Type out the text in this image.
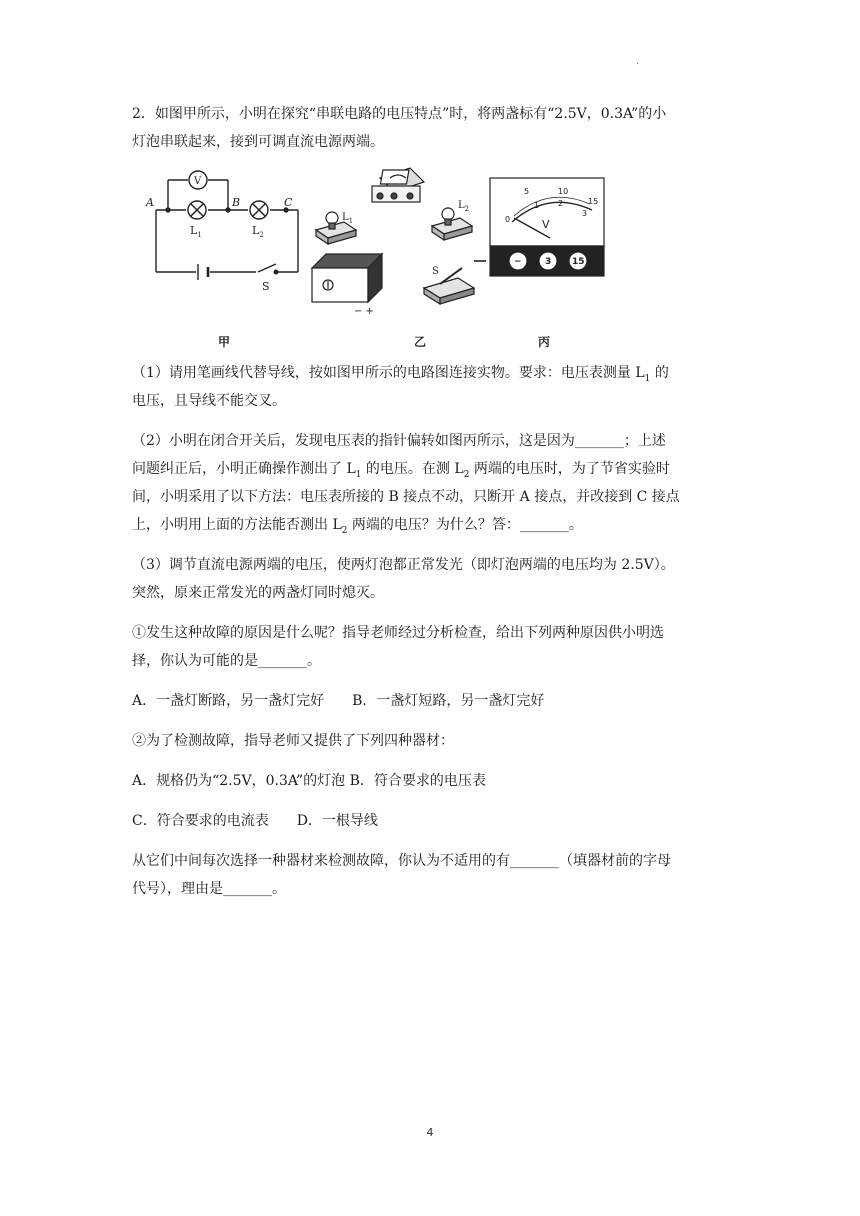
.

2．如图甲所示，小明在探究“串联电路的电压特点”时，将两盏标有“2.5V，0.3A”的小

灯泡串联起来，接到可调直流电源两端。

V
A	B	C
$L_1$	$L_2$
S
甲
$L_1$
$L_2$
− +
S
乙
5	10
15
0
1 2
3
V
−	3 15
丙

（1）请用笔画线代替导线，按如图甲所示的电路图连接实物。要求：电压表测量 $L_1$ 的

电压，且导线不能交叉。

（2）小明在闭合开关后，发现电压表的指针偏转如图丙所示，这是因为_______；上述

问题纠正后，小明正确操作测出了 $L_1$ 的电压。在测 $L_2$ 两端的电压时，为了节省实验时

间，小明采用了以下方法：电压表所接的 B 接点不动，只断开 A 接点，并改接到 C 接点

上，小明用上面的方法能否测出 $L_2$ 两端的电压？为什么？答：_______。

（3）调节直流电源两端的电压，使两灯泡都正常发光（即灯泡两端的电压均为 2.5V）。

突然，原来正常发光的两盏灯同时熄灭。

①发生这种故障的原因是什么呢？指导老师经过分析检查，给出下列两种原因供小明选

择，你认为可能的是_______。

A．一盏灯断路，另一盏灯完好　　B．一盏灯短路，另一盏灯完好

②为了检测故障，指导老师又提供了下列四种器材：

A．规格仍为“2.5V，0.3A”的灯泡 B．符合要求的电压表

C．符合要求的电流表　　D．一根导线

从它们中间每次选择一种器材来检测故障，你认为不适用的有_______（填器材前的字母

代号），理由是_______。

4
